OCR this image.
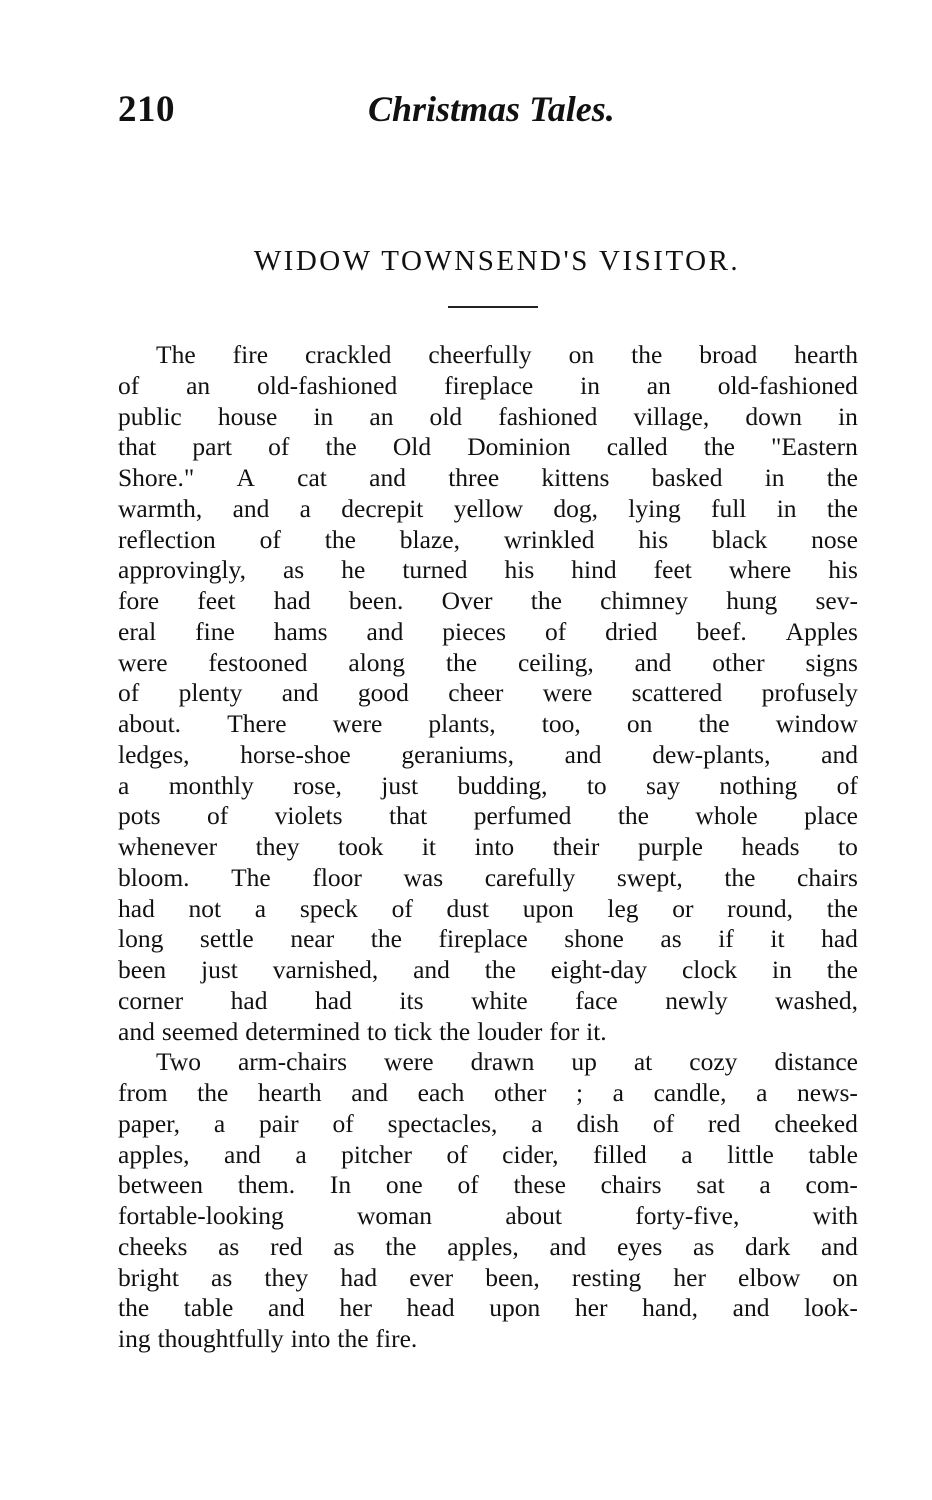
210	Christmas Tales.
WIDOW TOWNSEND'S VISITOR.
The fire crackled cheerfully on the broad hearth
of an old-fashioned fireplace in an old-fashioned
public house in an old fashioned village, down in
that part of the Old Dominion called the "Eastern
Shore." A cat and three kittens basked in the
warmth, and a decrepit yellow dog, lying full in the
reflection of the blaze, wrinkled his black nose
approvingly, as he turned his hind feet where his
fore feet had been. Over the chimney hung sev-
eral fine hams and pieces of dried beef. Apples
were festooned along the ceiling, and other signs
of plenty and good cheer were scattered profusely
about. There were plants, too, on the window
ledges, horse-shoe geraniums, and dew-plants, and
a monthly rose, just budding, to say nothing of
pots of violets that perfumed the whole place
whenever they took it into their purple heads to
bloom. The floor was carefully swept, the chairs
had not a speck of dust upon leg or round, the
long settle near the fireplace shone as if it had
been just varnished, and the eight-day clock in the
corner had had its white face newly washed,
and seemed determined to tick the louder for it.
Two arm-chairs were drawn up at cozy distance
from the hearth and each other ; a candle, a news-
paper, a pair of spectacles, a dish of red cheeked
apples, and a pitcher of cider, filled a little table
between them. In one of these chairs sat a com-
fortable-looking	woman	about	forty-five,	with
cheeks as red as the apples, and eyes as dark and
bright as they had ever been, resting her elbow on
the table and her head upon her hand, and look-
ing thoughtfully into the fire.
